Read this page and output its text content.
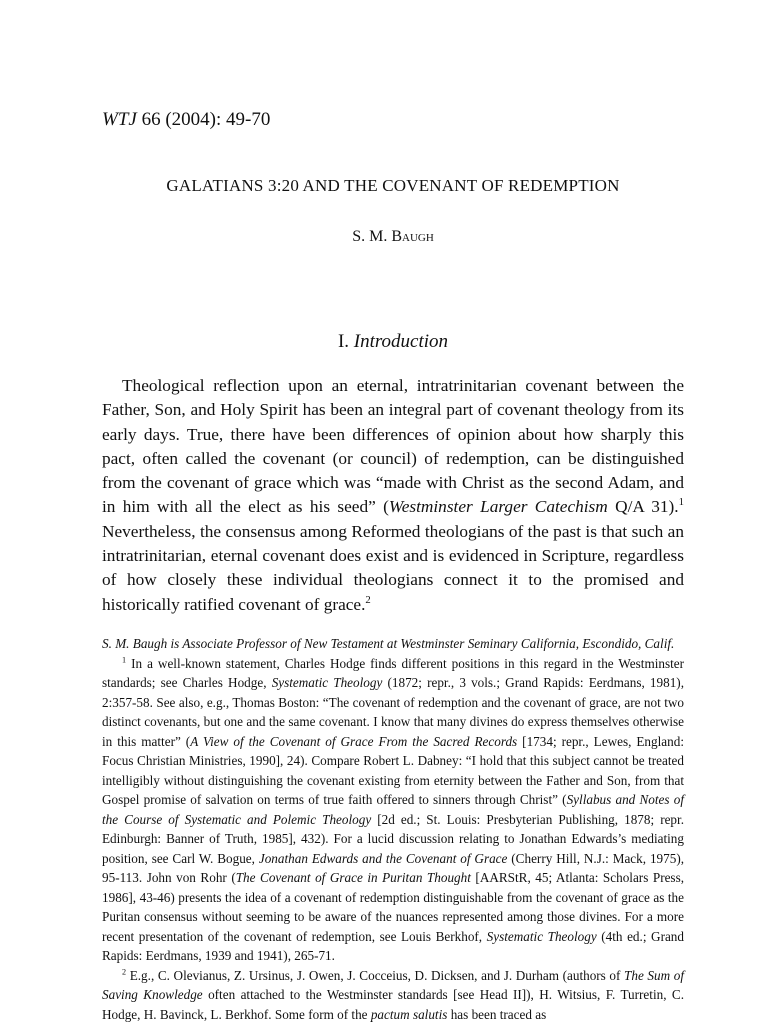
WTJ 66 (2004): 49-70
GALATIANS 3:20 AND THE COVENANT OF REDEMPTION
S. M. Baugh
I. Introduction

Theological reflection upon an eternal, intratrinitarian covenant between the Father, Son, and Holy Spirit has been an integral part of covenant theology from its early days. True, there have been differences of opinion about how sharply this pact, often called the covenant (or council) of redemption, can be distinguished from the covenant of grace which was “made with Christ as the second Adam, and in him with all the elect as his seed” (Westminster Larger Catechism Q/A 31).$^1$ Nevertheless, the consensus among Reformed theologians of the past is that such an intratrinitarian, eternal covenant does exist and is evidenced in Scripture, regardless of how closely these individual theologians connect it to the promised and historically ratified covenant of grace.$^2$

S. M. Baugh is Associate Professor of New Testament at Westminster Seminary California, Escondido, Calif.

$^1$ In a well-known statement, Charles Hodge finds different positions in this regard in the Westminster standards; see Charles Hodge, Systematic Theology (1872; repr., 3 vols.; Grand Rapids: Eerdmans, 1981), 2:357-58. See also, e.g., Thomas Boston: “The covenant of redemption and the covenant of grace, are not two distinct covenants, but one and the same covenant. I know that many divines do express themselves otherwise in this matter” (A View of the Covenant of Grace From the Sacred Records [1734; repr., Lewes, England: Focus Christian Ministries, 1990], 24). Compare Robert L. Dabney: “I hold that this subject cannot be treated intelligibly without distinguishing the covenant existing from eternity between the Father and Son, from that Gospel promise of salvation on terms of true faith offered to sinners through Christ” (Syllabus and Notes of the Course of Systematic and Polemic Theology [2d ed.; St. Louis: Presbyterian Publishing, 1878; repr. Edinburgh: Banner of Truth, 1985], 432). For a lucid discussion relating to Jonathan Edwards’s mediating position, see Carl W. Bogue, Jonathan Edwards and the Covenant of Grace (Cherry Hill, N.J.: Mack, 1975), 95-113. John von Rohr (The Covenant of Grace in Puritan Thought [AARStR, 45; Atlanta: Scholars Press, 1986], 43-46) presents the idea of a covenant of redemption distinguishable from the covenant of grace as the Puritan consensus without seeming to be aware of the nuances represented among those divines. For a more recent presentation of the covenant of redemption, see Louis Berkhof, Systematic Theology (4th ed.; Grand Rapids: Eerdmans, 1939 and 1941), 265-71.

$^2$ E.g., C. Olevianus, Z. Ursinus, J. Owen, J. Cocceius, D. Dicksen, and J. Durham (authors of The Sum of Saving Knowledge often attached to the Westminster standards [see Head II]), H. Witsius, F. Turretin, C. Hodge, H. Bavinck, L. Berkhof. Some form of the pactum salutis has been traced as
